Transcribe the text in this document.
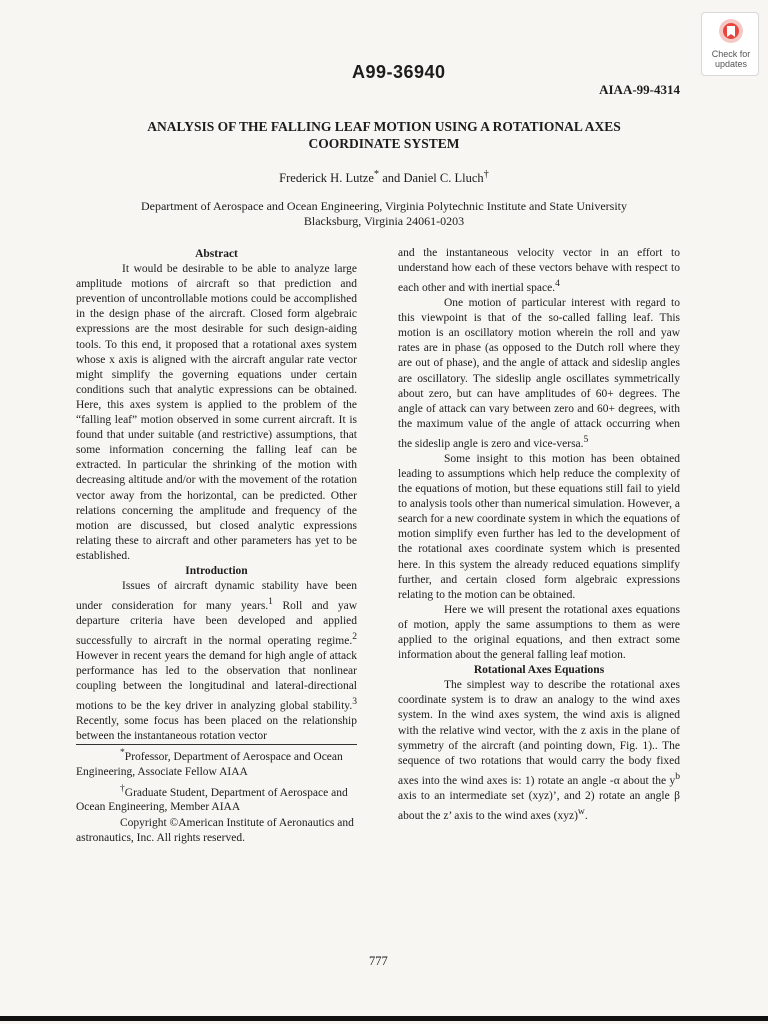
Check for
updates
A99-36940
AIAA-99-4314
ANALYSIS OF THE FALLING LEAF MOTION USING A ROTATIONAL AXES
COORDINATE SYSTEM
Frederick H. Lutze* and Daniel C. Lluch†
Department of Aerospace and Ocean Engineering, Virginia Polytechnic Institute and State University
Blacksburg, Virginia 24061-0203

Abstract

It would be desirable to be able to analyze large amplitude motions of aircraft so that prediction and prevention of uncontrollable motions could be accomplished in the design phase of the aircraft. Closed form algebraic expressions are the most desirable for such design-aiding tools. To this end, it proposed that a rotational axes system whose x axis is aligned with the aircraft angular rate vector might simplify the governing equations under certain conditions such that analytic expressions can be obtained. Here, this axes system is applied to the problem of the “falling leaf” motion observed in some current aircraft. It is found that under suitable (and restrictive) assumptions, that some information concerning the falling leaf can be extracted. In particular the shrinking of the motion with decreasing altitude and/or with the movement of the rotation vector away from the horizontal, can be predicted. Other relations concerning the amplitude and frequency of the motion are discussed, but closed analytic expressions relating these to aircraft and other parameters has yet to be established.

Introduction

Issues of aircraft dynamic stability have been under consideration for many years.$^1$ Roll and yaw departure criteria have been developed and applied successfully to aircraft in the normal operating regime.$^2$ However in recent years the demand for high angle of attack performance has led to the observation that nonlinear coupling between the longitudinal and lateral-directional motions to be the key driver in analyzing global stability.$^3$ Recently, some focus has been placed on the relationship between the instantaneous rotation vector

*Professor, Department of Aerospace and Ocean Engineering, Associate Fellow AIAA

†Graduate Student, Department of Aerospace and Ocean Engineering, Member AIAA

Copyright ©American Institute of Aeronautics and astronautics, Inc. All rights reserved.

and the instantaneous velocity vector in an effort to understand how each of these vectors behave with respect to each other and with inertial space.$^4$

One motion of particular interest with regard to this viewpoint is that of the so-called falling leaf. This motion is an oscillatory motion wherein the roll and yaw rates are in phase (as opposed to the Dutch roll where they are out of phase), and the angle of attack and sideslip angles are oscillatory. The sideslip angle oscillates symmetrically about zero, but can have amplitudes of 60+ degrees. The angle of attack can vary between zero and 60+ degrees, with the maximum value of the angle of attack occurring when the sideslip angle is zero and vice-versa.$^5$

Some insight to this motion has been obtained leading to assumptions which help reduce the complexity of the equations of motion, but these equations still fail to yield to analysis tools other than numerical simulation. However, a search for a new coordinate system in which the equations of motion simplify even further has led to the development of the rotational axes coordinate system which is presented here. In this system the already reduced equations simplify further, and certain closed form algebraic expressions relating to the motion can be obtained.

Here we will present the rotational axes equations of motion, apply the same assumptions to them as were applied to the original equations, and then extract some information about the general falling leaf motion.

Rotational Axes Equations

The simplest way to describe the rotational axes coordinate system is to draw an analogy to the wind axes system. In the wind axes system, the wind axis is aligned with the relative wind vector, with the z axis in the plane of symmetry of the aircraft (and pointing down, Fig. 1).. The sequence of two rotations that would carry the body fixed axes into the wind axes is: 1) rotate an angle -α about the $y^b$ axis to an intermediate set (xyz)’, and 2) rotate an angle β about the z’ axis to the wind axes (xyz)$^w$.

777
